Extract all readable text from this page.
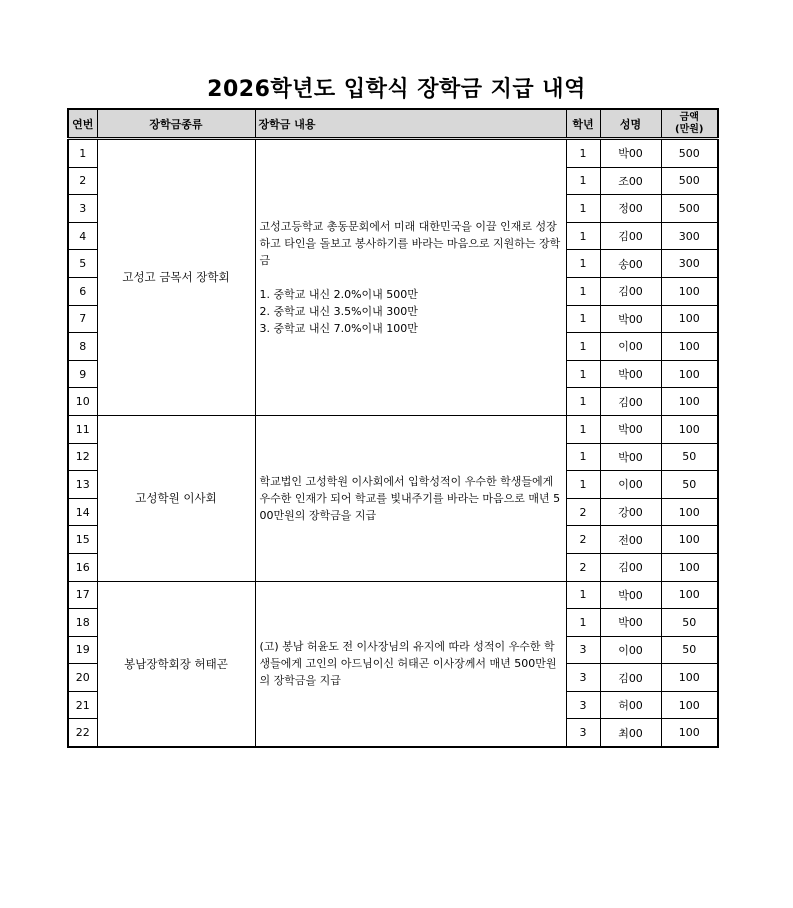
2026학년도 입학식 장학금 지급 내역
연번	장학금종류	장학금 내용	학년	성명	금액
(만원)

1	고성고 금목서 장학회	고성고등학교 총동문회에서 미래 대한민국을 이끌 인재로 성장하고 타인을 돌보고 봉사하기를 바라는 마음으로 지원하는 장학금

1. 중학교 내신 2.0%이내 500만

2. 중학교 내신 3.5%이내 300만

3. 중학교 내신 7.0%이내 100만	1	박00	500
2			1	조00	500
3			1	정00	500
4			1	김00	300
5			1	송00	300
6			1	김00	100
7			1	박00	100
8			1	이00	100
9			1	박00	100
10			1	김00	100
11	고성학원 이사회	학교법인 고성학원 이사회에서 입학성적이 우수한 학생들에게 우수한 인재가 되어 학교를 빛내주기를 바라는 마음으로 매년 500만원의 장학금을 지급	1	박00	100
12			1	박00	50
13			1	이00	50
14			2	강00	100
15			2	전00	100
16			2	김00	100
17	봉남장학회장 허태곤	(고) 봉남 허윤도 전 이사장님의 유지에 따라 성적이 우수한 학생들에게 고인의 아드님이신 허태곤 이사장께서 매년 500만원의 장학금을 지급	1	박00	100
18			1	박00	50
19			3	이00	50
20			3	김00	100
21			3	허00	100
22			3	최00	100
